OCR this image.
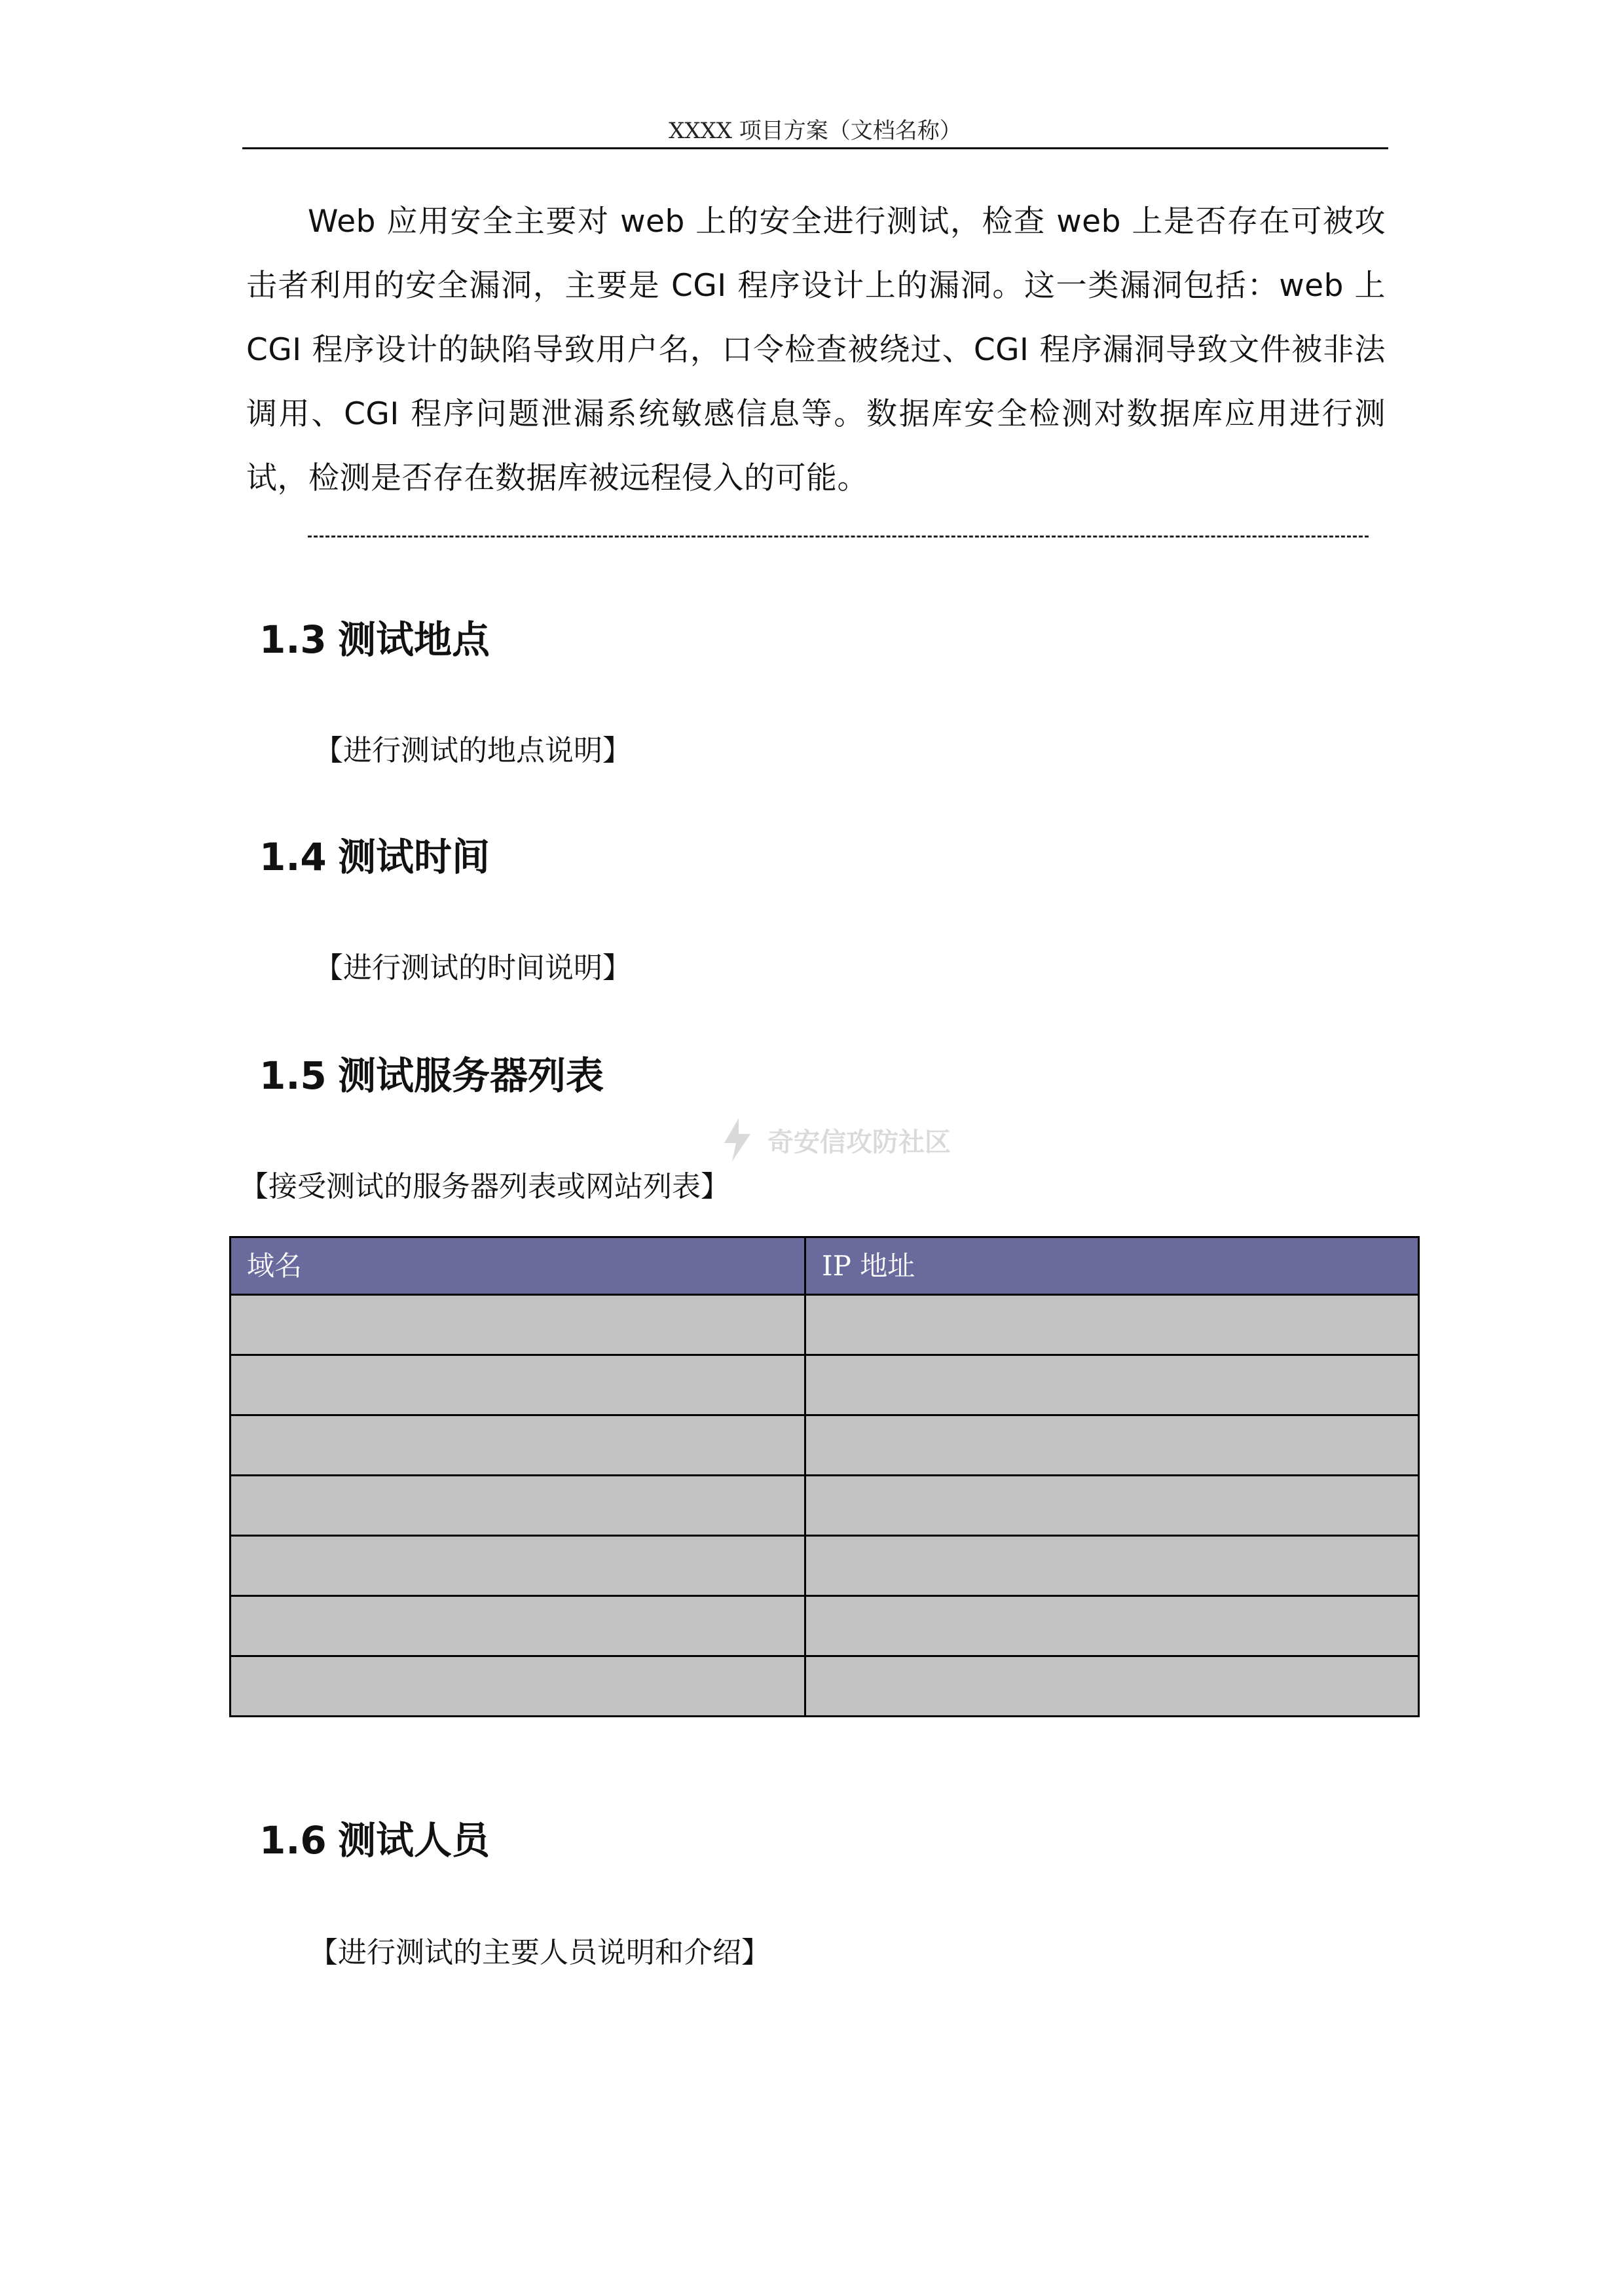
XXXX 项目方案（文档名称）

Web 应用安全主要对 web 上的安全进行测试，检查 web 上是否存在可被攻击者利用的安全漏洞，主要是 CGI 程序设计上的漏洞。这一类漏洞包括：web 上 CGI 程序设计的缺陷导致用户名，口令检查被绕过、CGI 程序漏洞导致文件被非法调用、CGI 程序问题泄漏系统敏感信息等。数据库安全检测对数据库应用进行测试，检测是否存在数据库被远程侵入的可能。

1.3 测试地点

【进行测试的地点说明】

1.4 测试时间

【进行测试的时间说明】

1.5 测试服务器列表
奇安信攻防社区

【接受测试的服务器列表或网站列表】

域名	IP 地址

1.6 测试人员

【进行测试的主要人员说明和介绍】
